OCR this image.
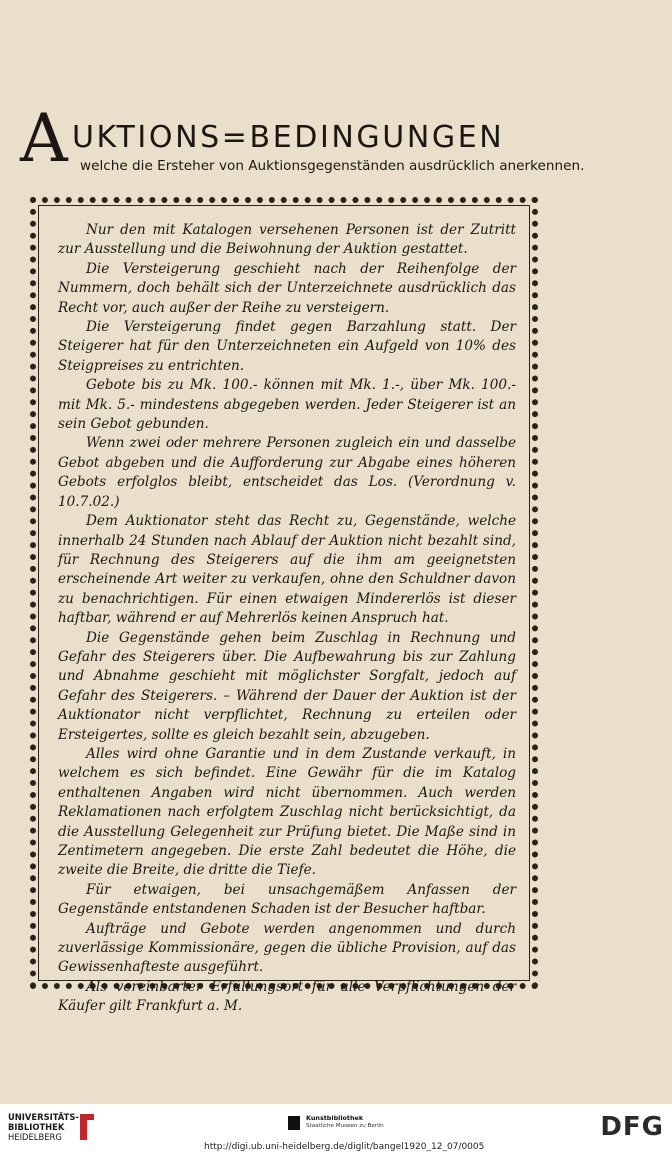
A UKTIONS=BEDINGUNGEN
welche die Ersteher von Auktionsgegenständen ausdrücklich anerkennen.

Nur den mit Katalogen versehenen Personen ist der Zutritt zur Ausstellung und die Beiwohnung der Auktion gestattet.

Die Versteigerung geschieht nach der Reihenfolge der Nummern, doch behält sich der Unterzeichnete ausdrücklich das Recht vor, auch außer der Reihe zu versteigern.

Die Versteigerung findet gegen Barzahlung statt. Der Steigerer hat für den Unterzeichneten ein Aufgeld von 10% des Steigpreises zu entrichten.

Gebote bis zu Mk. 100.- können mit Mk. 1.-, über Mk. 100.- mit Mk. 5.- mindestens abgegeben werden. Jeder Steigerer ist an sein Gebot gebunden.

Wenn zwei oder mehrere Personen zugleich ein und dasselbe Gebot abgeben und die Aufforderung zur Abgabe eines höheren Gebots erfolglos bleibt, entscheidet das Los. (Verordnung v. 10.7.02.)

Dem Auktionator steht das Recht zu, Gegenstände, welche innerhalb 24 Stunden nach Ablauf der Auktion nicht bezahlt sind, für Rechnung des Steigerers auf die ihm am geeignetsten erscheinende Art weiter zu verkaufen, ohne den Schuldner davon zu benachrichtigen. Für einen etwaigen Mindererlös ist dieser haftbar, während er auf Mehrerlös keinen Anspruch hat.

Die Gegenstände gehen beim Zuschlag in Rechnung und Gefahr des Steigerers über. Die Aufbewahrung bis zur Zahlung und Abnahme geschieht mit möglichster Sorgfalt, jedoch auf Gefahr des Steigerers. – Während der Dauer der Auktion ist der Auktionator nicht verpflichtet, Rechnung zu erteilen oder Ersteigertes, sollte es gleich bezahlt sein, abzugeben.

Alles wird ohne Garantie und in dem Zustande verkauft, in welchem es sich befindet. Eine Gewähr für die im Katalog enthaltenen Angaben wird nicht übernommen. Auch werden Reklamationen nach erfolgtem Zuschlag nicht berücksichtigt, da die Ausstellung Gelegenheit zur Prüfung bietet. Die Maße sind in Zentimetern angegeben. Die erste Zahl bedeutet die Höhe, die zweite die Breite, die dritte die Tiefe.

Für etwaigen, bei unsachgemäßem Anfassen der Gegenstände entstandenen Schaden ist der Besucher haftbar.

Aufträge und Gebote werden angenommen und durch zuverlässige Kommissionäre, gegen die übliche Provision, auf das Gewissenhafteste ausgeführt.

Als vereinbarter Erfüllungsort für alle Verpflichtungen der Käufer gilt Frankfurt a. M.

UNIVERSITÄTS-
BIBLIOTHEK
HEIDELBERG
Kunstbibliothek
Staatliche Museen zu Berlin	DFG
http://digi.ub.uni-heidelberg.de/diglit/bangel1920_12_07/0005
